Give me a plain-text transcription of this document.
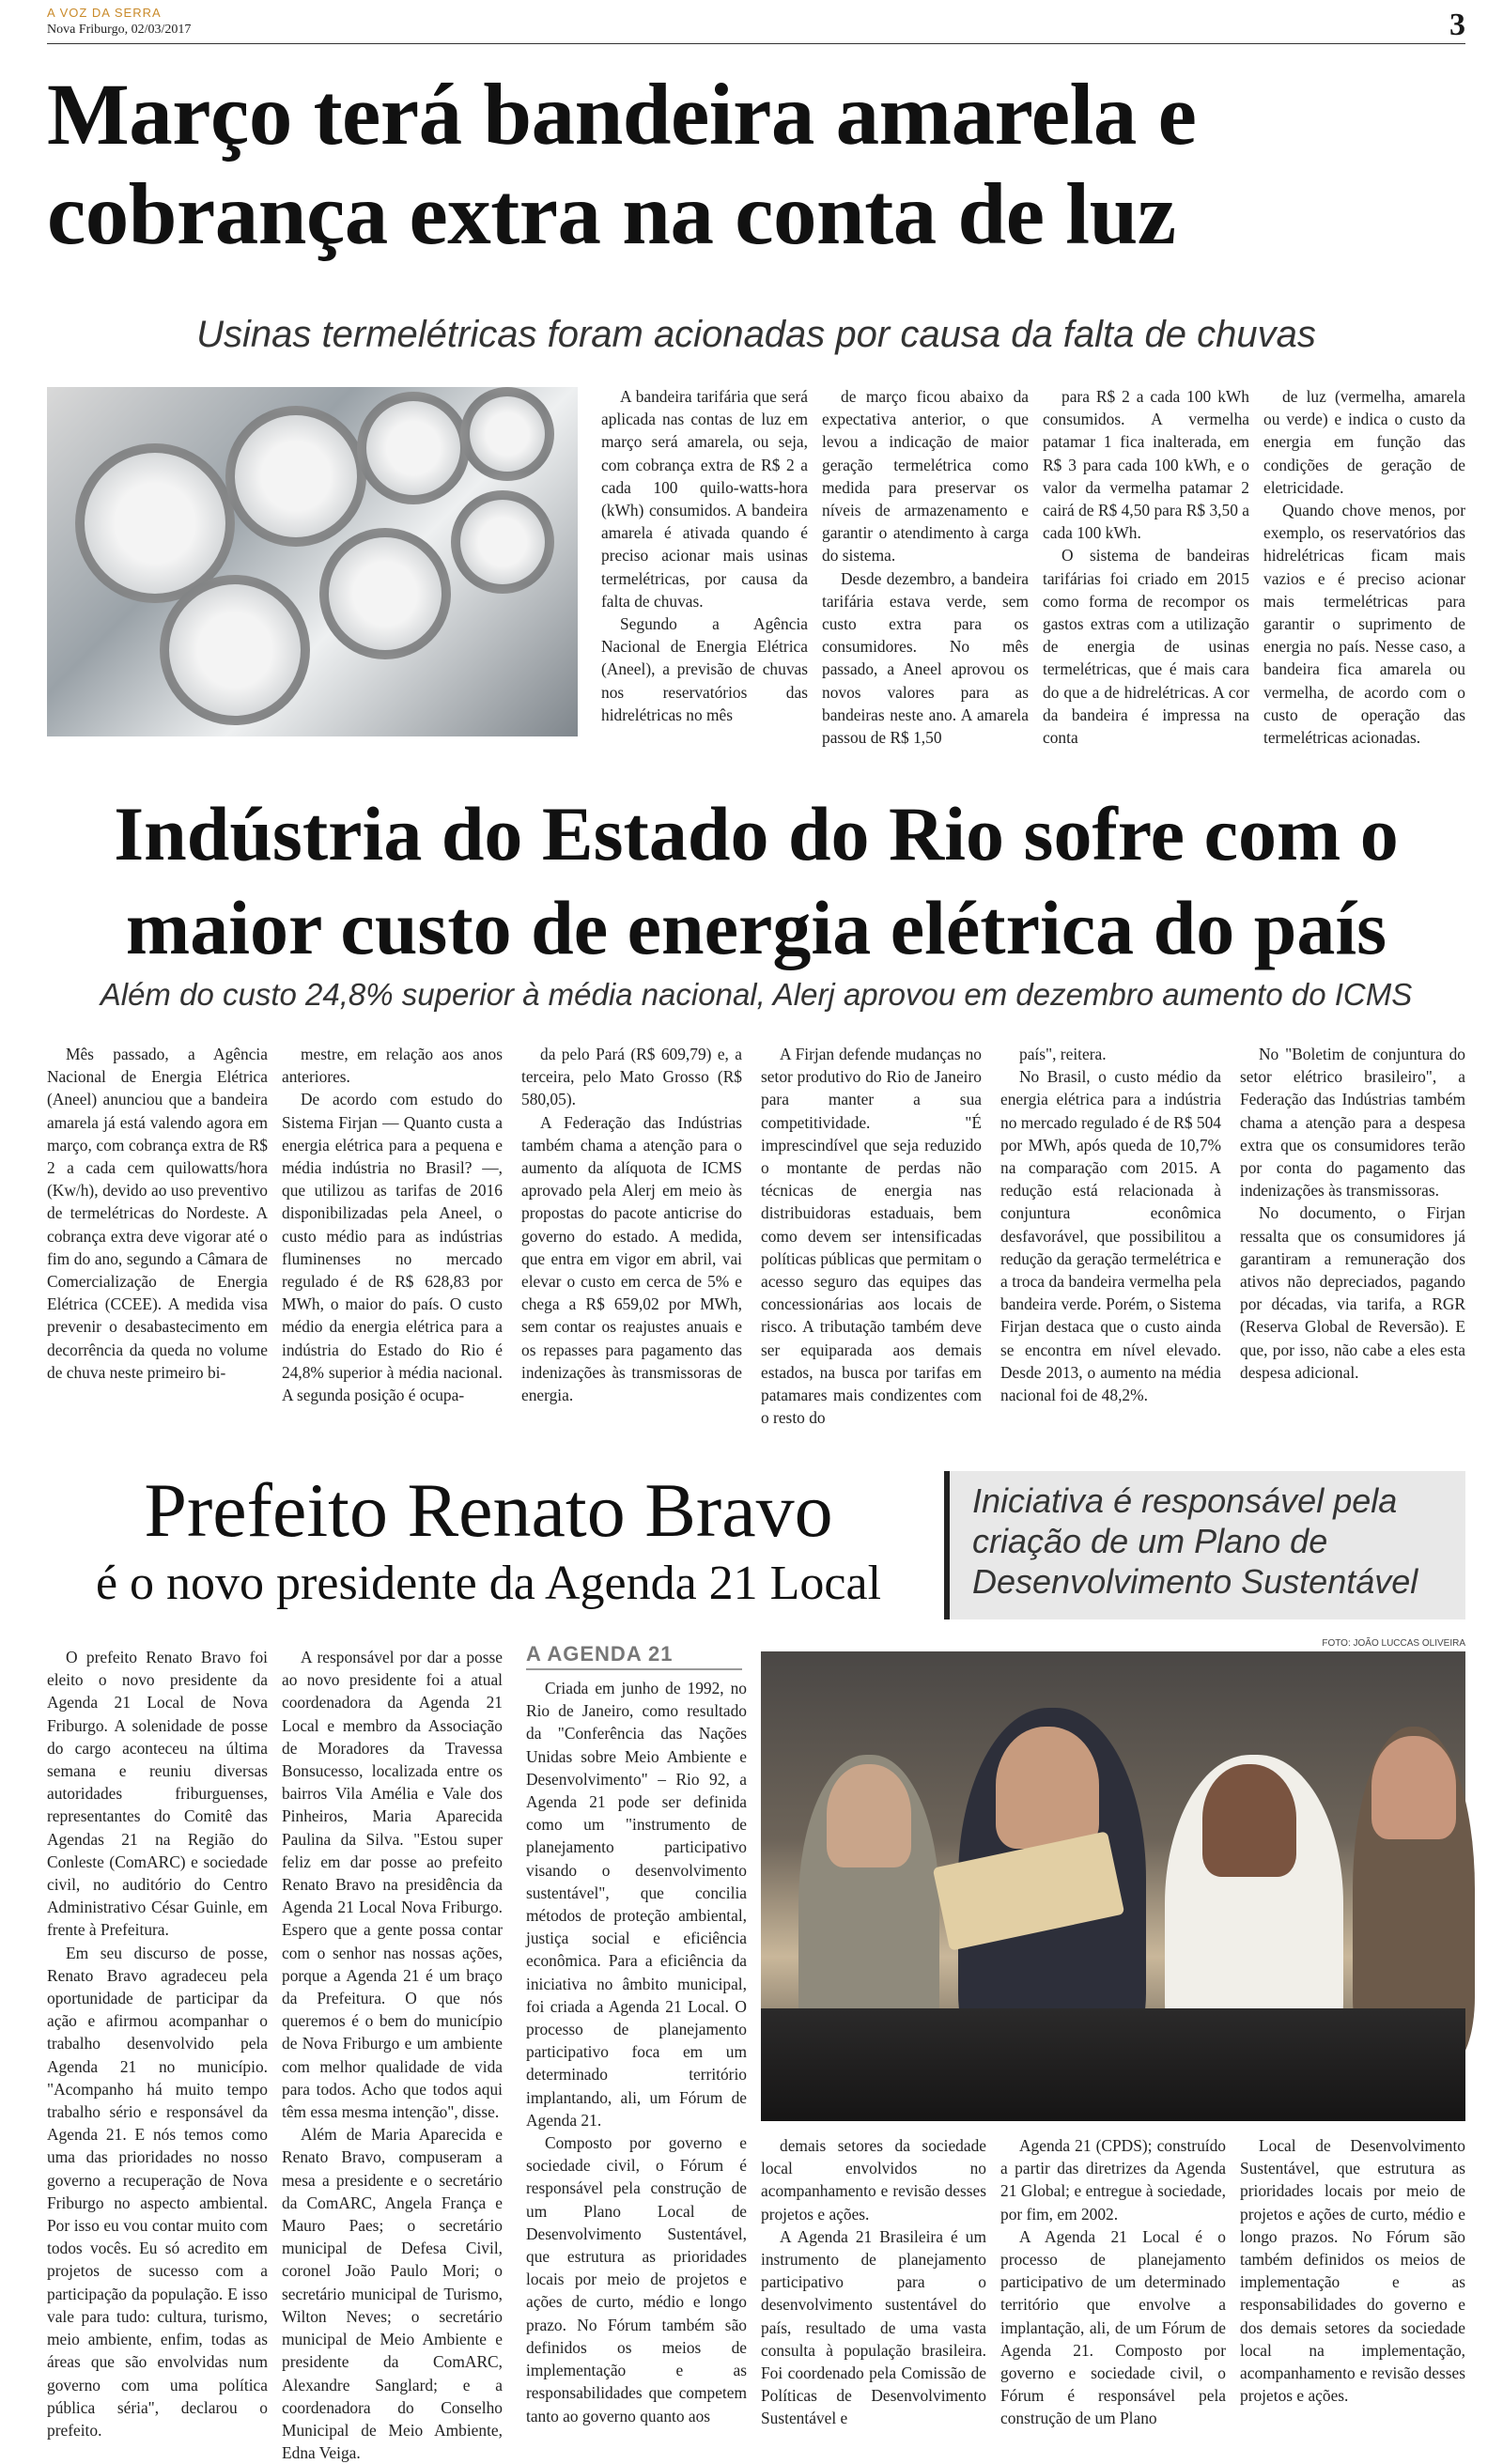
A VOZ DA SERRA
Nova Friburgo, 02/03/2017	3
Março terá bandeira amarela e cobrança extra na conta de luz
Usinas termelétricas foram acionadas por causa da falta de chuvas

A bandeira tarifária que será aplicada nas contas de luz em março será amarela, ou seja, com cobrança extra de R$ 2 a cada 100 quilo-watts-hora (kWh) consumidos. A bandeira amarela é ativada quando é preciso acionar mais usinas termelétricas, por causa da falta de chuvas.

Segundo a Agência Nacional de Energia Elétrica (Aneel), a previsão de chuvas nos reservatórios das hidrelétricas no mês

de março ficou abaixo da expectativa anterior, o que levou a indicação de maior geração termelétrica como medida para preservar os níveis de armazenamento e garantir o atendimento à carga do sistema.

Desde dezembro, a bandeira tarifária estava verde, sem custo extra para os consumidores. No mês passado, a Aneel aprovou os novos valores para as bandeiras neste ano. A amarela passou de R$ 1,50

para R$ 2 a cada 100 kWh consumidos. A vermelha patamar 1 fica inalterada, em R$ 3 para cada 100 kWh, e o valor da vermelha patamar 2 cairá de R$ 4,50 para R$ 3,50 a cada 100 kWh.

O sistema de bandeiras tarifárias foi criado em 2015 como forma de recompor os gastos extras com a utilização de energia de usinas termelétricas, que é mais cara do que a de hidrelétricas. A cor da bandeira é impressa na conta

de luz (vermelha, amarela ou verde) e indica o custo da energia em função das condições de geração de eletricidade.

Quando chove menos, por exemplo, os reservatórios das hidrelétricas ficam mais vazios e é preciso acionar mais termelétricas para garantir o suprimento de energia no país. Nesse caso, a bandeira fica amarela ou vermelha, de acordo com o custo de operação das termelétricas acionadas.

Indústria do Estado do Rio sofre com o maior custo de energia elétrica do país
Além do custo 24,8% superior à média nacional, Alerj aprovou em dezembro aumento do ICMS

Mês passado, a Agência Nacional de Energia Elétrica (Aneel) anunciou que a bandeira amarela já está valendo agora em março, com cobrança extra de R$ 2 a cada cem quilowatts/hora (Kw/h), devido ao uso preventivo de termelétricas do Nordeste. A cobrança extra deve vigorar até o fim do ano, segundo a Câmara de Comercialização de Energia Elétrica (CCEE). A medida visa prevenir o desabastecimento em decorrência da queda no volume de chuva neste primeiro bi-

mestre, em relação aos anos anteriores.

De acordo com estudo do Sistema Firjan — Quanto custa a energia elétrica para a pequena e média indústria no Brasil? —, que utilizou as tarifas de 2016 disponibilizadas pela Aneel, o custo médio para as indústrias fluminenses no mercado regulado é de R$ 628,83 por MWh, o maior do país. O custo médio da energia elétrica para a indústria do Estado do Rio é 24,8% superior à média nacional. A segunda posição é ocupa-

da pelo Pará (R$ 609,79) e, a terceira, pelo Mato Grosso (R$ 580,05).

A Federação das Indústrias também chama a atenção para o aumento da alíquota de ICMS aprovado pela Alerj em meio às propostas do pacote anticrise do governo do estado. A medida, que entra em vigor em abril, vai elevar o custo em cerca de 5% e chega a R$ 659,02 por MWh, sem contar os reajustes anuais e os repasses para pagamento das indenizações às transmissoras de energia.

A Firjan defende mudanças no setor produtivo do Rio de Janeiro para manter a sua competitividade. "É imprescindível que seja reduzido o montante de perdas não técnicas de energia nas distribuidoras estaduais, bem como devem ser intensificadas políticas públicas que permitam o acesso seguro das equipes das concessionárias aos locais de risco. A tributação também deve ser equiparada aos demais estados, na busca por tarifas em patamares mais condizentes com o resto do

país", reitera.

No Brasil, o custo médio da energia elétrica para a indústria no mercado regulado é de R$ 504 por MWh, após queda de 10,7% na comparação com 2015. A redução está relacionada à conjuntura econômica desfavorável, que possibilitou a redução da geração termelétrica e a troca da bandeira vermelha pela bandeira verde. Porém, o Sistema Firjan destaca que o custo ainda se encontra em nível elevado. Desde 2013, o aumento na média nacional foi de 48,2%.

No "Boletim de conjuntura do setor elétrico brasileiro", a Federação das Indústrias também chama a atenção para a despesa extra que os consumidores terão por conta do pagamento das indenizações às transmissoras.

No documento, o Firjan ressalta que os consumidores já garantiram a remuneração dos ativos não depreciados, pagando por décadas, via tarifa, a RGR (Reserva Global de Reversão). E que, por isso, não cabe a eles esta despesa adicional.

Prefeito Renato Bravo
é o novo presidente da Agenda 21 Local
Iniciativa é responsável pela criação de um Plano de Desenvolvimento Sustentável
A AGENDA 21	FOTO: JOÃO LUCCAS OLIVEIRA

O prefeito Renato Bravo foi eleito o novo presidente da Agenda 21 Local de Nova Friburgo. A solenidade de posse do cargo aconteceu na última semana e reuniu diversas autoridades friburguenses, representantes do Comitê das Agendas 21 na Região do Conleste (ComARC) e sociedade civil, no auditório do Centro Administrativo César Guinle, em frente à Prefeitura.

Em seu discurso de posse, Renato Bravo agradeceu pela oportunidade de participar da ação e afirmou acompanhar o trabalho desenvolvido pela Agenda 21 no município. "Acompanho há muito tempo trabalho sério e responsável da Agenda 21. E nós temos como uma das prioridades no nosso governo a recuperação de Nova Friburgo no aspecto ambiental. Por isso eu vou contar muito com todos vocês. Eu só acredito em projetos de sucesso com a participação da população. E isso vale para tudo: cultura, turismo, meio ambiente, enfim, todas as áreas que são envolvidas num governo com uma política pública séria", declarou o prefeito.

A responsável por dar a posse ao novo presidente foi a atual coordenadora da Agenda 21 Local e membro da Associação de Moradores da Travessa Bonsucesso, localizada entre os bairros Vila Amélia e Vale dos Pinheiros, Maria Aparecida Paulina da Silva. "Estou super feliz em dar posse ao prefeito Renato Bravo na presidência da Agenda 21 Local Nova Friburgo. Espero que a gente possa contar com o senhor nas nossas ações, porque a Agenda 21 é um braço da Prefeitura. O que nós queremos é o bem do município de Nova Friburgo e um ambiente com melhor qualidade de vida para todos. Acho que todos aqui têm essa mesma intenção", disse.

Além de Maria Aparecida e Renato Bravo, compuseram a mesa a presidente e o secretário da ComARC, Angela França e Mauro Paes; o secretário municipal de Defesa Civil, coronel João Paulo Mori; o secretário municipal de Turismo, Wilton Neves; o secretário municipal de Meio Ambiente e presidente da ComARC, Alexandre Sanglard; e a coordenadora do Conselho Municipal de Meio Ambiente, Edna Veiga.

Criada em junho de 1992, no Rio de Janeiro, como resultado da "Conferência das Nações Unidas sobre Meio Ambiente e Desenvolvimento" – Rio 92, a Agenda 21 pode ser definida como um "instrumento de planejamento participativo visando o desenvolvimento sustentável", que concilia métodos de proteção ambiental, justiça social e eficiência econômica. Para a eficiência da iniciativa no âmbito municipal, foi criada a Agenda 21 Local. O processo de planejamento participativo foca em um determinado território implantando, ali, um Fórum de Agenda 21.

Composto por governo e sociedade civil, o Fórum é responsável pela construção de um Plano Local de Desenvolvimento Sustentável, que estrutura as prioridades locais por meio de projetos e ações de curto, médio e longo prazo. No Fórum também são definidos os meios de implementação e as responsabilidades que competem tanto ao governo quanto aos

demais setores da sociedade local envolvidos no acompanhamento e revisão desses projetos e ações.

A Agenda 21 Brasileira é um instrumento de planejamento participativo para o desenvolvimento sustentável do país, resultado de uma vasta consulta à população brasileira. Foi coordenado pela Comissão de Políticas de Desenvolvimento Sustentável e

Agenda 21 (CPDS); construído a partir das diretrizes da Agenda 21 Global; e entregue à sociedade, por fim, em 2002.

A Agenda 21 Local é o processo de planejamento participativo de um determinado território que envolve a implantação, ali, de um Fórum de Agenda 21. Composto por governo e sociedade civil, o Fórum é responsável pela construção de um Plano

Local de Desenvolvimento Sustentável, que estrutura as prioridades locais por meio de projetos e ações de curto, médio e longo prazos. No Fórum são também definidos os meios de implementação e as responsabilidades do governo e dos demais setores da sociedade local na implementação, acompanhamento e revisão desses projetos e ações.
